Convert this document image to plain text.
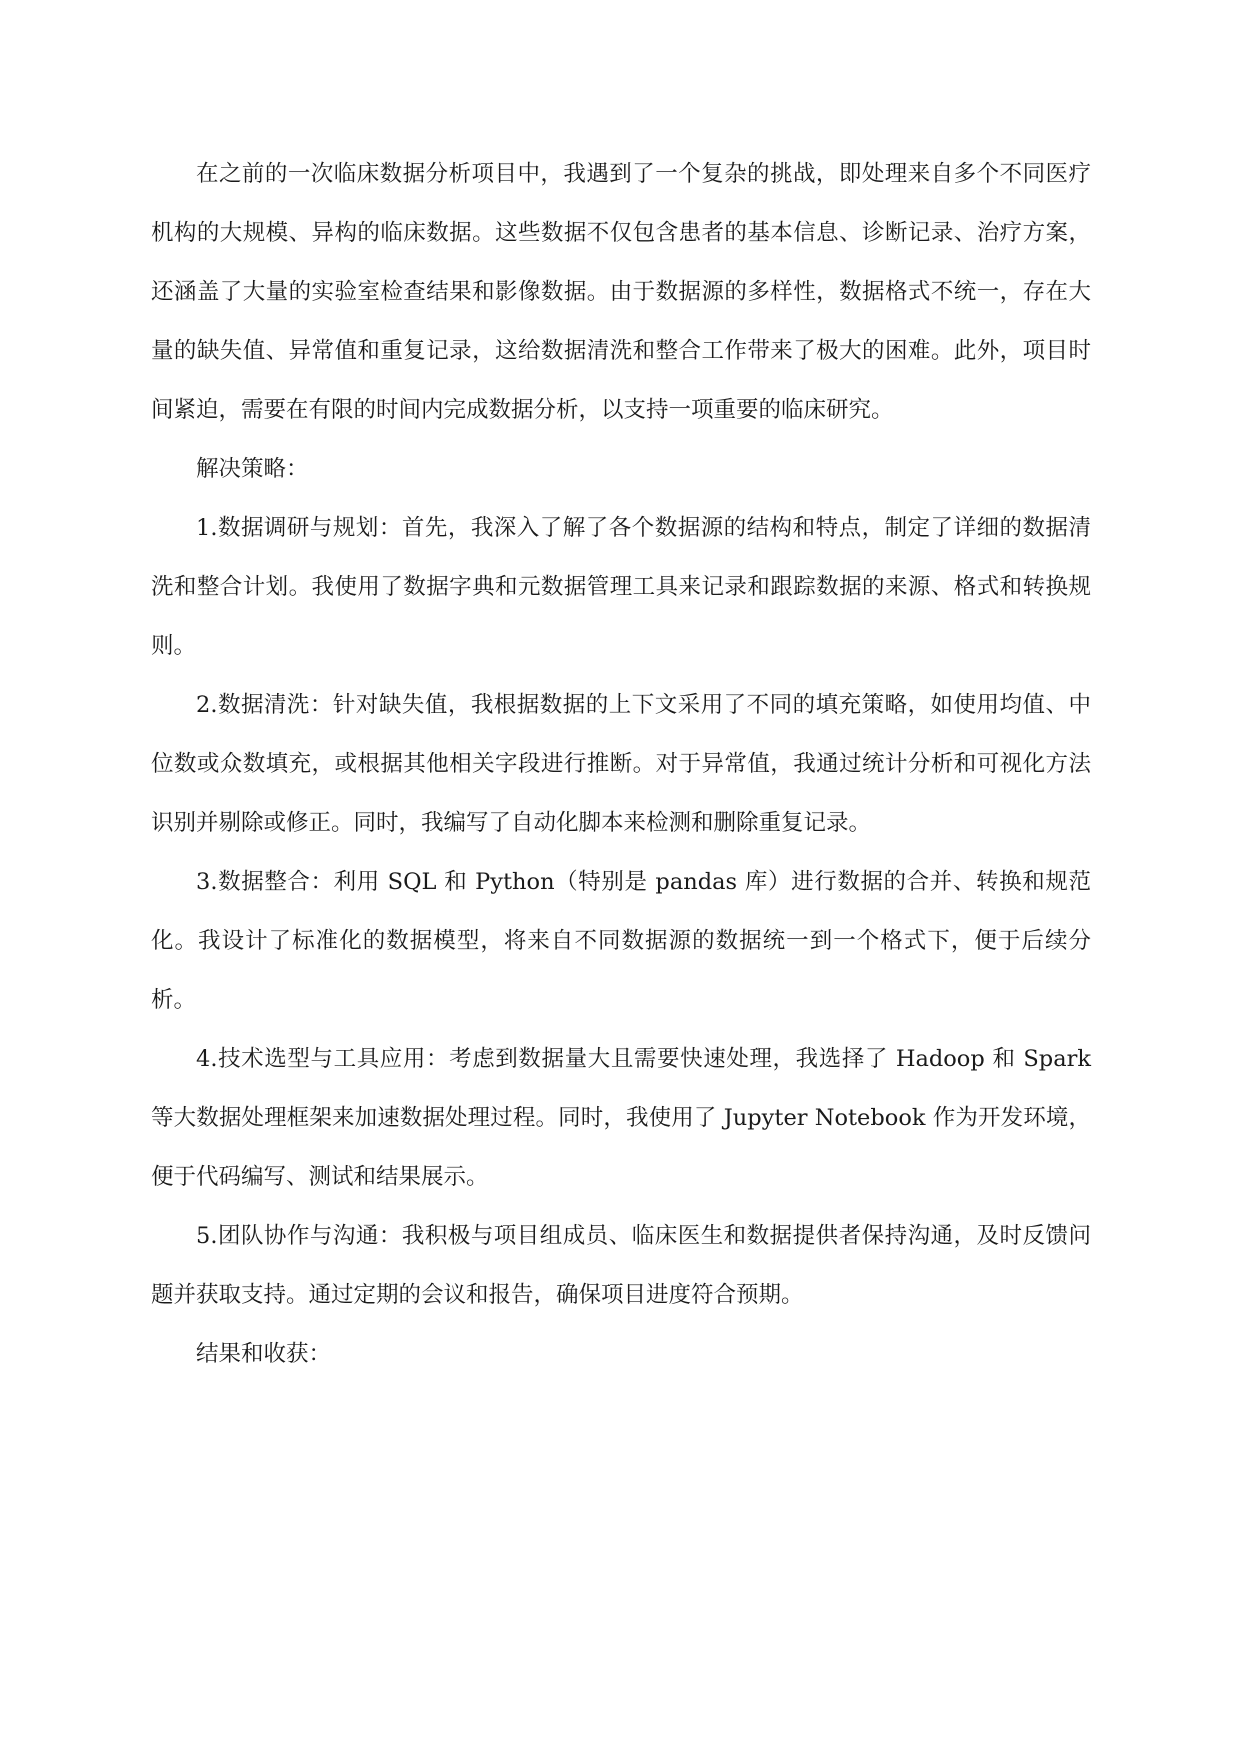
在之前的一次临床数据分析项目中，我遇到了一个复杂的挑战，即处理来自多个不同医疗机构的大规模、异构的临床数据。这些数据不仅包含患者的基本信息、诊断记录、治疗方案，还涵盖了大量的实验室检查结果和影像数据。由于数据源的多样性，数据格式不统一，存在大量的缺失值、异常值和重复记录，这给数据清洗和整合工作带来了极大的困难。此外，项目时间紧迫，需要在有限的时间内完成数据分析，以支持一项重要的临床研究。

解决策略：

1.数据调研与规划：首先，我深入了解了各个数据源的结构和特点，制定了详细的数据清洗和整合计划。我使用了数据字典和元数据管理工具来记录和跟踪数据的来源、格式和转换规则。

2.数据清洗：针对缺失值，我根据数据的上下文采用了不同的填充策略，如使用均值、中位数或众数填充，或根据其他相关字段进行推断。对于异常值，我通过统计分析和可视化方法识别并剔除或修正。同时，我编写了自动化脚本来检测和删除重复记录。

3.数据整合：利用 SQL 和 Python（特别是 pandas 库）进行数据的合并、转换和规范化。我设计了标准化的数据模型，将来自不同数据源的数据统一到一个格式下，便于后续分析。

4.技术选型与工具应用：考虑到数据量大且需要快速处理，我选择了 Hadoop 和 Spark 等大数据处理框架来加速数据处理过程。同时，我使用了 Jupyter Notebook 作为开发环境，便于代码编写、测试和结果展示。

5.团队协作与沟通：我积极与项目组成员、临床医生和数据提供者保持沟通，及时反馈问题并获取支持。通过定期的会议和报告，确保项目进度符合预期。

结果和收获：
